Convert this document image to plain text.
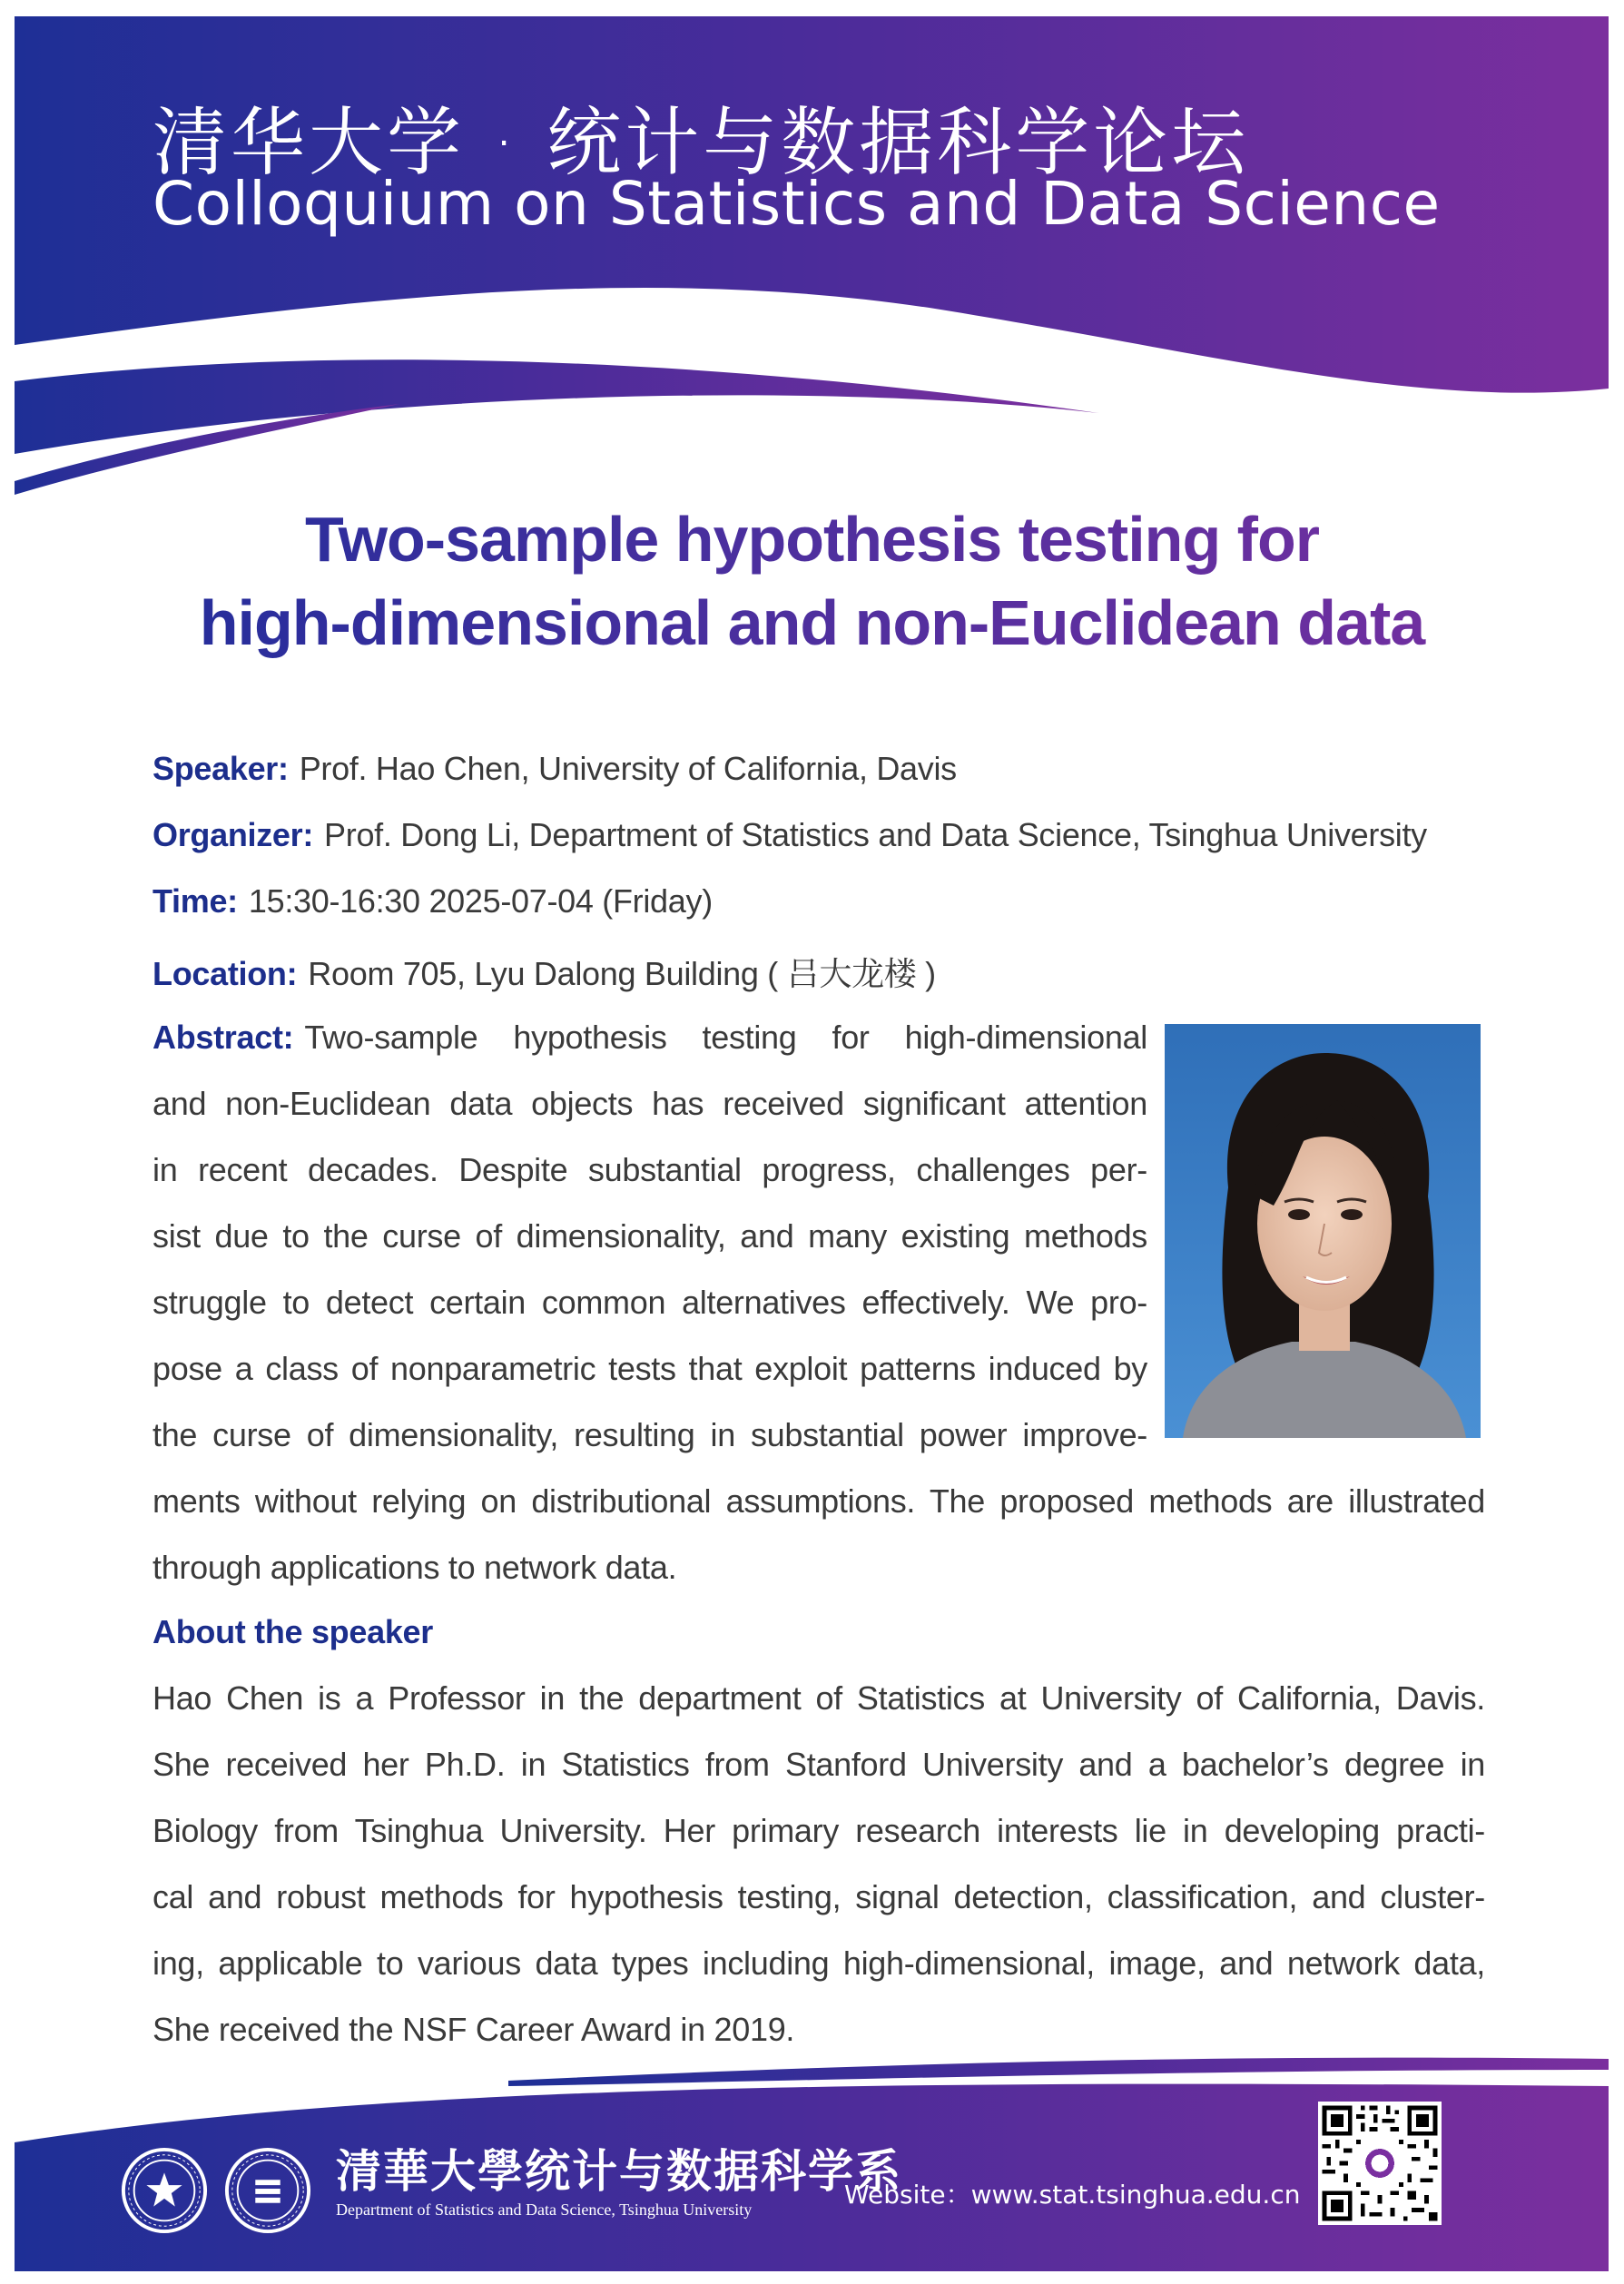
清华大学 · 统计与数据科学论坛
Colloquium on Statistics and Data Science
Two-sample hypothesis testing for
high-dimensional and non-Euclidean data
Speaker: Prof. Hao Chen, University of California, Davis
Organizer: Prof. Dong Li, Department of Statistics and Data Science, Tsinghua University
Time: 15:30-16:30 2025-07-04 (Friday)
Location: Room 705, Lyu Dalong Building ( 吕大龙楼 )
Abstract: Two-sample hypothesis testing for high-dimensional
and non-Euclidean data objects has received significant attention
in recent decades. Despite substantial progress, challenges per-
sist due to the curse of dimensionality, and many existing methods
struggle to detect certain common alternatives effectively. We pro-
pose a class of nonparametric tests that exploit patterns induced by
the curse of dimensionality, resulting in substantial power improve-
ments without relying on distributional assumptions. The proposed methods are illustrated
through applications to network data.
About the speaker
Hao Chen is a Professor in the department of Statistics at University of California, Davis.
She received her Ph.D. in Statistics from Stanford University and a bachelor’s degree in
Biology from Tsinghua University. Her primary research interests lie in developing practi-
cal and robust methods for hypothesis testing, signal detection, classification, and cluster-
ing, applicable to various data types including high-dimensional, image, and network data,
She received the NSF Career Award in 2019.
清華大學统计与数据科学系
Department of Statistics and Data Science, Tsinghua University	Website：www.stat.tsinghua.edu.cn
